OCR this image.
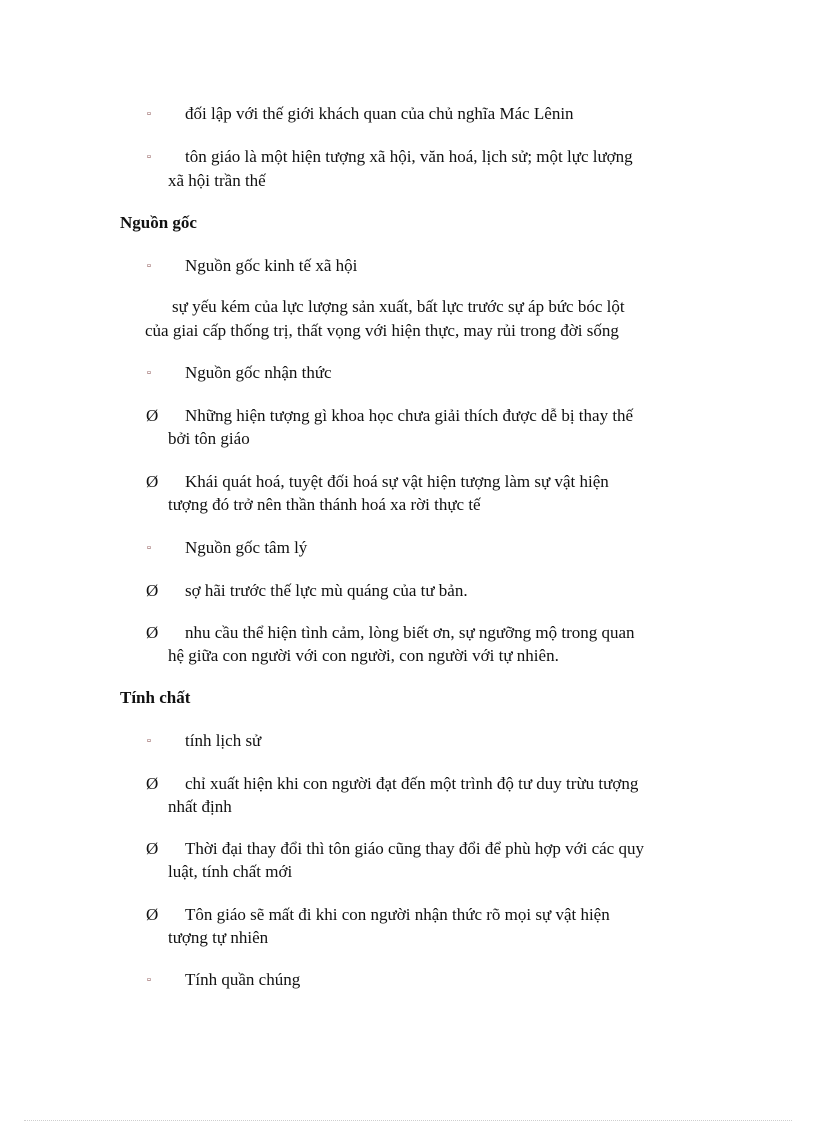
▫ đối lập với thế giới khách quan của chủ nghĩa Mác Lênin
▫ tôn giáo là một hiện tượng xã hội, văn hoá, lịch sử; một lực lượng
xã hội trần thế
Nguồn gốc
▫ Nguồn gốc kinh tế xã hội
sự yếu kém của lực lượng sản xuất, bất lực trước sự áp bức bóc lột
của giai cấp thống trị, thất vọng với hiện thực, may rủi trong đời sống
▫ Nguồn gốc nhận thức
Ø Những hiện tượng gì khoa học chưa giải thích được dễ bị thay thế
bởi tôn giáo
Ø Khái quát hoá, tuyệt đối hoá sự vật hiện tượng làm sự vật hiện
tượng đó trở nên thần thánh hoá xa rời thực tế
▫ Nguồn gốc tâm lý
Ø sợ hãi trước thế lực mù quáng của tư bản.
Ø nhu cầu thể hiện tình cảm, lòng biết ơn, sự ngưỡng mộ trong quan
hệ giữa con người với con người, con người với tự nhiên.
Tính chất
▫ tính lịch sử
Ø chỉ xuất hiện khi con người đạt đến một trình độ tư duy trừu tượng
nhất định
Ø Thời đại thay đổi thì tôn giáo cũng thay đổi để phù hợp với các quy
luật, tính chất mới
Ø Tôn giáo sẽ mất đi khi con người nhận thức rõ mọi sự vật hiện
tượng tự nhiên
▫ Tính quần chúng
